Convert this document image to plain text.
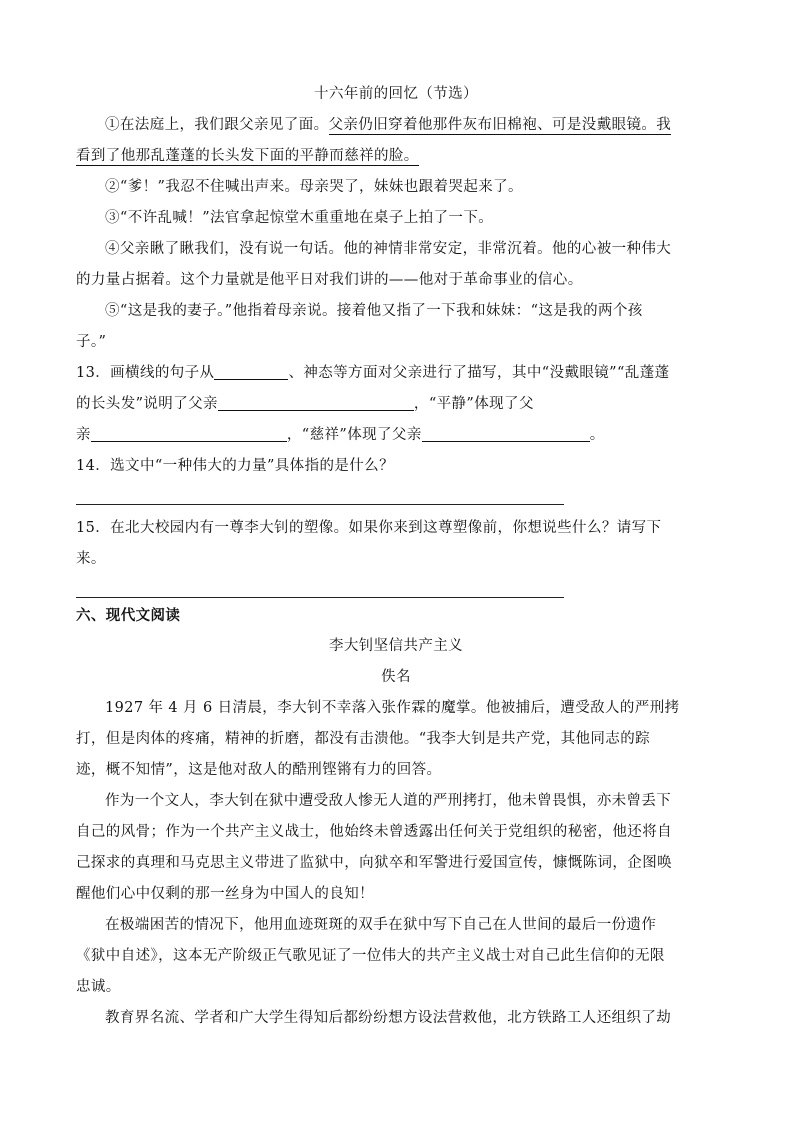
十六年前的回忆（节选）
①在法庭上，我们跟父亲见了面。父亲仍旧穿着他那件灰布旧棉袍、可是没戴眼镜。我
看到了他那乱蓬蓬的长头发下面的平静而慈祥的脸。
②“爹！”我忍不住喊出声来。母亲哭了，妹妹也跟着哭起来了。
③“不许乱喊！”法官拿起惊堂木重重地在桌子上拍了一下。
④父亲瞅了瞅我们，没有说一句话。他的神情非常安定，非常沉着。他的心被一种伟大
的力量占据着。这个力量就是他平日对我们讲的——他对于革命事业的信心。
⑤“这是我的妻子。”他指着母亲说。接着他又指了一下我和妹妹：“这是我的两个孩
子。”
13．画横线的句子从	、神态等方面对父亲进行了描写，其中“没戴眼镜”“乱蓬蓬
的长头发”说明了父亲	，“平静”体现了父
亲	，“慈祥”体现了父亲	。
14．选文中“一种伟大的力量”具体指的是什么？
15．在北大校园内有一尊李大钊的塑像。如果你来到这尊塑像前，你想说些什么？请写下
来。
六、现代文阅读
李大钊坚信共产主义
佚名
1927 年 4 月 6 日清晨，李大钊不幸落入张作霖的魔掌。他被捕后，遭受敌人的严刑拷
打，但是肉体的疼痛，精神的折磨，都没有击溃他。“我李大钊是共产党，其他同志的踪
迹，概不知情”，这是他对敌人的酷刑铿锵有力的回答。
作为一个文人，李大钊在狱中遭受敌人惨无人道的严刑拷打，他未曾畏惧，亦未曾丢下
自己的风骨；作为一个共产主义战士，他始终未曾透露出任何关于党组织的秘密，他还将自
己探求的真理和马克思主义带进了监狱中，向狱卒和军警进行爱国宣传，慷慨陈词，企图唤
醒他们心中仅剩的那一丝身为中国人的良知！
在极端困苦的情况下，他用血迹斑斑的双手在狱中写下自己在人世间的最后一份遗作
《狱中自述》，这本无产阶级正气歌见证了一位伟大的共产主义战士对自己此生信仰的无限
忠诚。
教育界名流、学者和广大学生得知后都纷纷想方设法营救他，北方铁路工人还组织了劫
